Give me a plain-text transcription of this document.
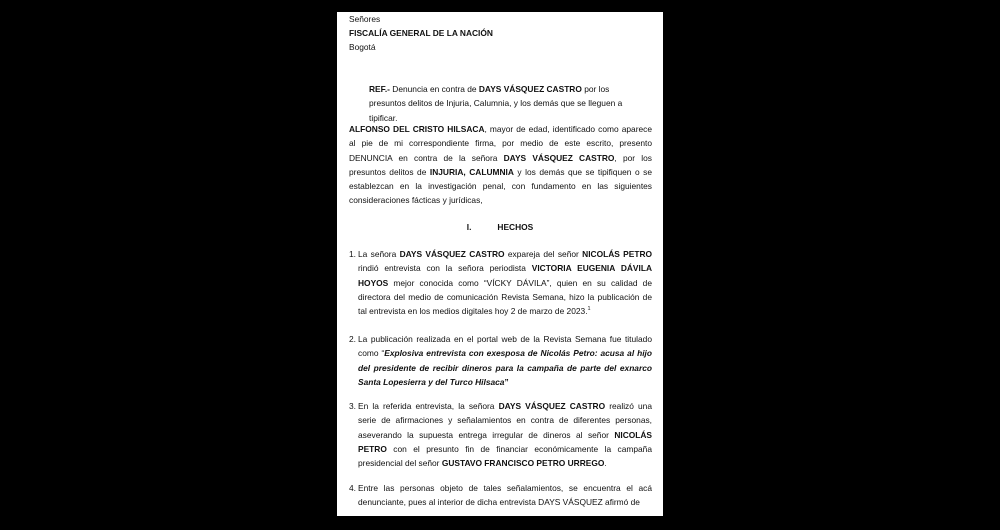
Señores

FISCALÍA GENERAL DE LA NACIÓN

Bogotá

REF.- Denuncia en contra de DAYS VÁSQUEZ CASTRO por los presuntos delitos de Injuria, Calumnia, y los demás que se lleguen a tipificar.

ALFONSO DEL CRISTO HILSACA, mayor de edad, identificado como aparece al pie de mi correspondiente firma, por medio de este escrito, presento DENUNCIA en contra de la señora DAYS VÁSQUEZ CASTRO, por los presuntos delitos de INJURIA, CALUMNIA y los demás que se tipifiquen o se establezcan en la investigación penal, con fundamento en las siguientes consideraciones fácticas y jurídicas,

I.	HECHOS
1. La señora DAYS VÁSQUEZ CASTRO expareja del señor NICOLÁS PETRO rindió entrevista con la señora periodista VICTORIA EUGENIA DÁVILA HOYOS mejor conocida como “VÍCKY DÁVILA”, quien en su calidad de directora del medio de comunicación Revista Semana, hizo la publicación de tal entrevista en los medios digitales hoy 2 de marzo de 2023.$^1$
2. La publicación realizada en el portal web de la Revista Semana fue titulado como “Explosiva entrevista con exesposa de Nicolás Petro: acusa al hijo del presidente de recibir dineros para la campaña de parte del exnarco Santa Lopesierra y del Turco Hilsaca”
3. En la referida entrevista, la señora DAYS VÁSQUEZ CASTRO realizó una serie de afirmaciones y señalamientos en contra de diferentes personas, aseverando la supuesta entrega irregular de dineros al señor NICOLÁS PETRO con el presunto fin de financiar económicamente la campaña presidencial del señor GUSTAVO FRANCISCO PETRO URREGO.
4. Entre las personas objeto de tales señalamientos, se encuentra el acá denunciante, pues al interior de dicha entrevista DAYS VÁSQUEZ afirmó de
